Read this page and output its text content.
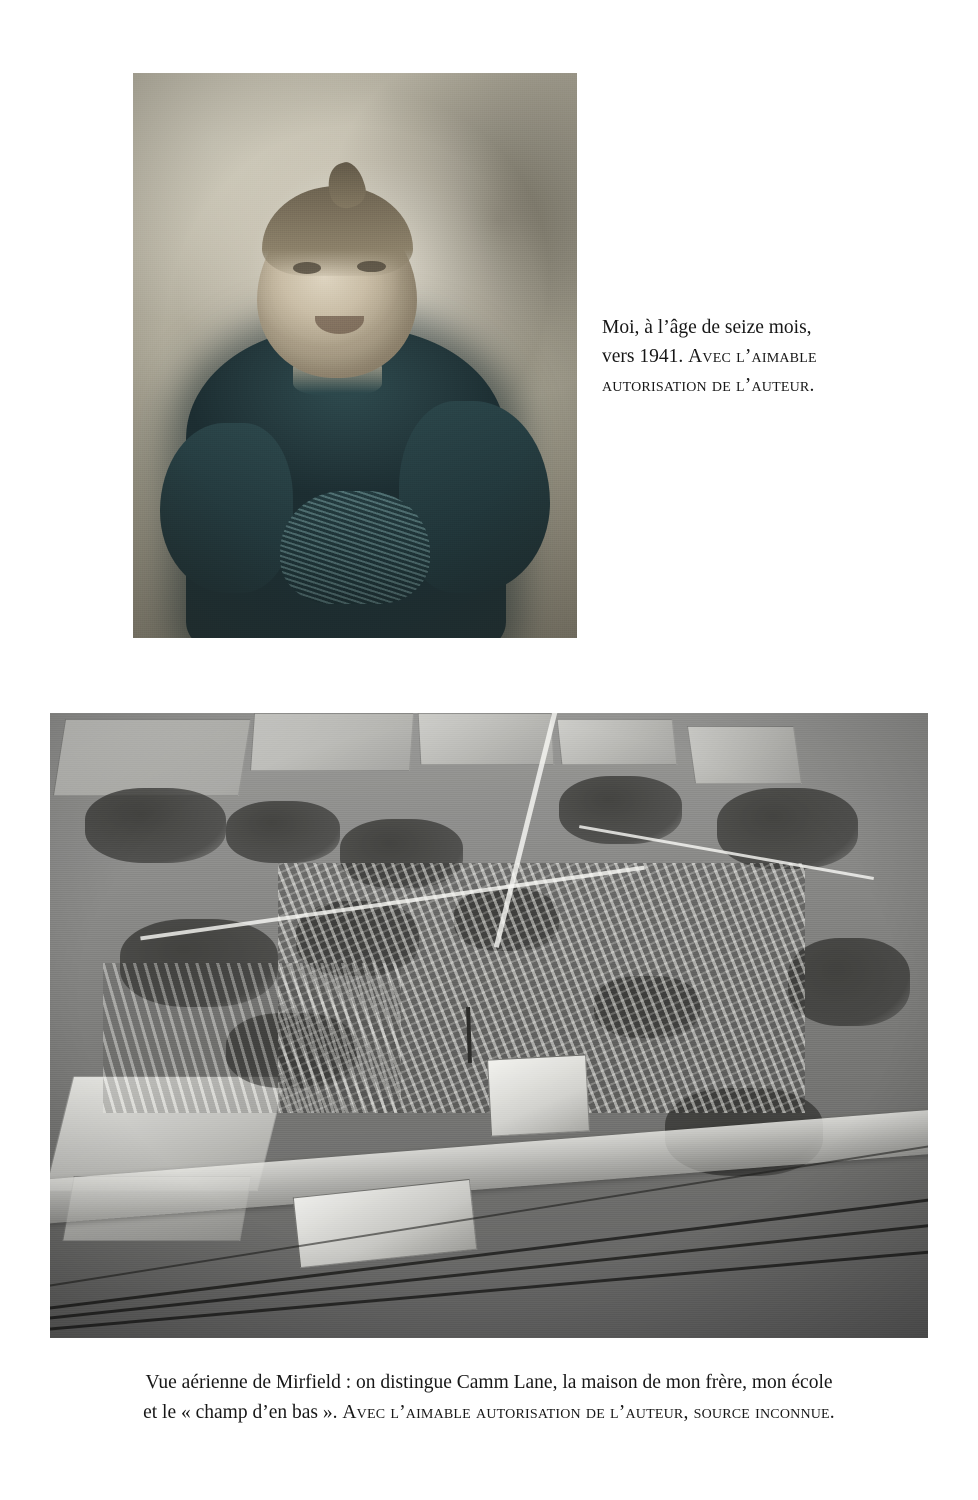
Moi, à l’âge de seize mois,
vers 1941. Avec l’aimable
autorisation de l’auteur.
Vue aérienne de Mirfield : on distingue Camm Lane, la maison de mon frère, mon école
et le « champ d’en bas ». Avec l’aimable autorisation de l’auteur, source inconnue.
